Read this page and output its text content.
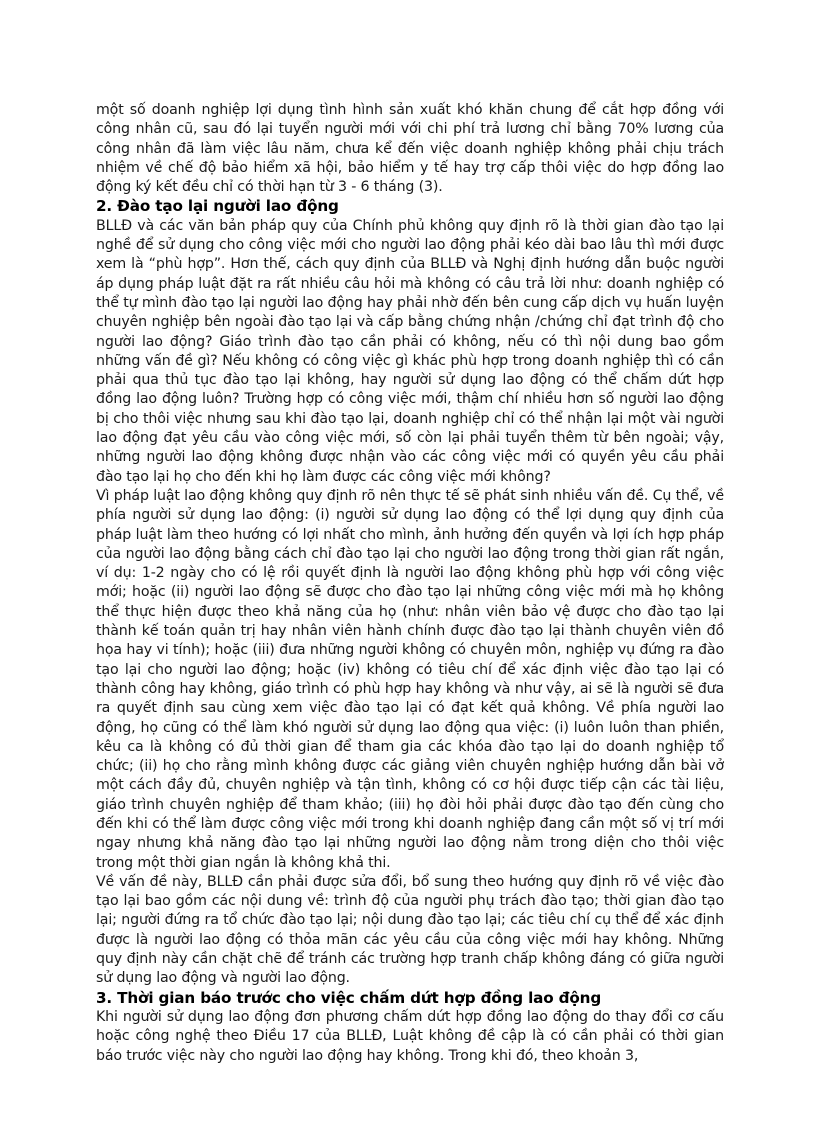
một số doanh nghiệp lợi dụng tình hình sản xuất khó khăn chung để cắt hợp đồng với công nhân cũ, sau đó lại tuyển người mới với chi phí trả lương chỉ bằng 70% lương của công nhân đã làm việc lâu năm, chưa kể đến việc doanh nghiệp không phải chịu trách nhiệm về chế độ bảo hiểm xã hội, bảo hiểm y tế hay trợ cấp thôi việc do hợp đồng lao động ký kết đều chỉ có thời hạn từ 3 - 6 tháng (3).

2. Đào tạo lại người lao động

BLLĐ và các văn bản pháp quy của Chính phủ không quy định rõ là thời gian đào tạo lại nghề để sử dụng cho công việc mới cho người lao động phải kéo dài bao lâu thì mới được xem là “phù hợp”. Hơn thế, cách quy định của BLLĐ và Nghị định hướng dẫn buộc người áp dụng pháp luật đặt ra rất nhiều câu hỏi mà không có câu trả lời như: doanh nghiệp có thể tự mình đào tạo lại người lao động hay phải nhờ đến bên cung cấp dịch vụ huấn luyện chuyên nghiệp bên ngoài đào tạo lại và cấp bằng chứng nhận /chứng chỉ đạt trình độ cho người lao động? Giáo trình đào tạo cần phải có không, nếu có thì nội dung bao gồm những vấn đề gì? Nếu không có công việc gì khác phù hợp trong doanh nghiệp thì có cần phải qua thủ tục đào tạo lại không, hay người sử dụng lao động có thể chấm dứt hợp đồng lao động luôn? Trường hợp có công việc mới, thậm chí nhiều hơn số người lao động bị cho thôi việc nhưng sau khi đào tạo lại, doanh nghiệp chỉ có thể nhận lại một vài người lao động đạt yêu cầu vào công việc mới, số còn lại phải tuyển thêm từ bên ngoài; vậy, những người lao động không được nhận vào các công việc mới có quyền yêu cầu phải đào tạo lại họ cho đến khi họ làm được các công việc mới không?

Vì pháp luật lao động không quy định rõ nên thực tế sẽ phát sinh nhiều vấn đề. Cụ thể, về phía người sử dụng lao động: (i) người sử dụng lao động có thể lợi dụng quy định của pháp luật làm theo hướng có lợi nhất cho mình, ảnh hưởng đến quyền và lợi ích hợp pháp của người lao động bằng cách chỉ đào tạo lại cho người lao động trong thời gian rất ngắn, ví dụ: 1-2 ngày cho có lệ rồi quyết định là người lao động không phù hợp với công việc mới; hoặc (ii) người lao động sẽ được cho đào tạo lại những công việc mới mà họ không thể thực hiện được theo khả năng của họ (như: nhân viên bảo vệ được cho đào tạo lại thành kế toán quản trị hay nhân viên hành chính được đào tạo lại thành chuyên viên đồ họa hay vi tính); hoặc (iii) đưa những người không có chuyên môn, nghiệp vụ đứng ra đào tạo lại cho người lao động; hoặc (iv) không có tiêu chí để xác định việc đào tạo lại có thành công hay không, giáo trình có phù hợp hay không và như vậy, ai sẽ là người sẽ đưa ra quyết định sau cùng xem việc đào tạo lại có đạt kết quả không. Về phía người lao động, họ cũng có thể làm khó người sử dụng lao động qua việc: (i) luôn luôn than phiền, kêu ca là không có đủ thời gian để tham gia các khóa đào tạo lại do doanh nghiệp tổ chức; (ii) họ cho rằng mình không được các giảng viên chuyên nghiệp hướng dẫn bài vở một cách đầy đủ, chuyên nghiệp và tận tình, không có cơ hội được tiếp cận các tài liệu, giáo trình chuyên nghiệp để tham khảo; (iii) họ đòi hỏi phải được đào tạo đến cùng cho đến khi có thể làm được công việc mới trong khi doanh nghiệp đang cần một số vị trí mới ngay nhưng khả năng đào tạo lại những người lao động nằm trong diện cho thôi việc trong một thời gian ngắn là không khả thi.

Về vấn đề này, BLLĐ cần phải được sửa đổi, bổ sung theo hướng quy định rõ về việc đào tạo lại bao gồm các nội dung về: trình độ của người phụ trách đào tạo; thời gian đào tạo lại; người đứng ra tổ chức đào tạo lại; nội dung đào tạo lại; các tiêu chí cụ thể để xác định được là người lao động có thỏa mãn các yêu cầu của công việc mới hay không. Những quy định này cần chặt chẽ để tránh các trường hợp tranh chấp không đáng có giữa người sử dụng lao động và người lao động.

3. Thời gian báo trước cho việc chấm dứt hợp đồng lao động

Khi người sử dụng lao động đơn phương chấm dứt hợp đồng lao động do thay đổi cơ cấu hoặc công nghệ theo Điều 17 của BLLĐ, Luật không đề cập là có cần phải có thời gian báo trước việc này cho người lao động hay không. Trong khi đó, theo khoản 3,
